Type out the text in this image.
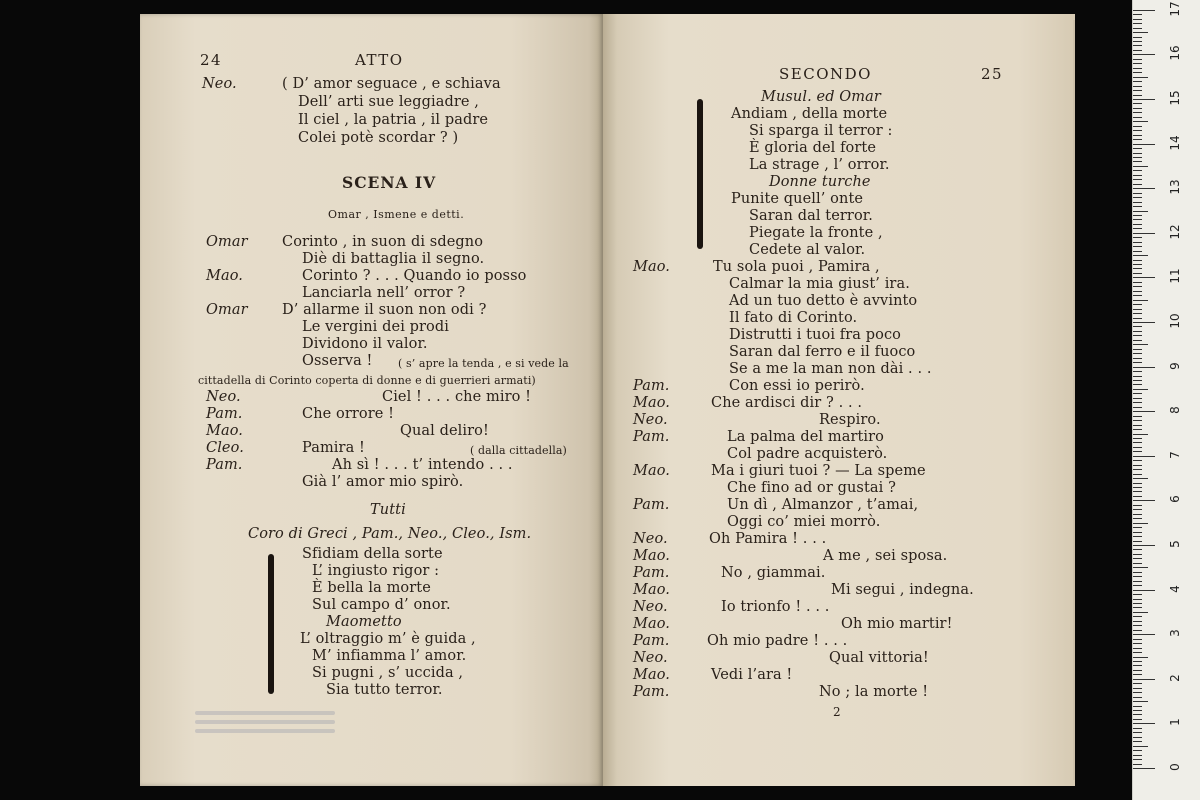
24	ATTO
Neo.	( D’ amor seguace , e schiava
Dell’ arti sue leggiadre ,
Il ciel , la patria , il padre
Colei potè scordar ? )
SCENA IV
Omar , Ismene e detti.
Omar Corinto , in suon di sdegno
Diè di battaglia il segno.
Mao.	Corinto ? . . . Quando io posso
Lanciarla nell’ orror ?
Omar D’ allarme il suon non odi ?
Le vergini dei prodi
Dividono il valor.
Osserva ! ( s’ apre la tenda , e si vede la
cittadella di Corinto coperta di donne e di guerrieri armati)
Neo.	Ciel ! . . . che miro !
Pam.	Che orrore !
Mao.	Qual deliro!
Cleo.	Pamira !	( dalla cittadella)
Pam.	Ah sì ! . . . t’ intendo . . .
Già l’ amor mio spirò.
Tutti
Coro di Greci , Pam., Neo., Cleo., Ism.
Sfidiam della sorte
L’ ingiusto rigor :
È bella la morte
Sul campo d’ onor.
Maometto
L’ oltraggio m’ è guida ,
M’ infiamma l’ amor.
Si pugni , s’ uccida ,
Sia tutto terror.
SECONDO	25
Musul. ed Omar
Andiam , della morte
Si sparga il terror :
È gloria del forte
La strage , l’ orror.
Donne turche
Punite quell’ onte
Saran dal terror.
Piegate la fronte ,
Cedete al valor.
Mao.	Tu sola puoi , Pamira ,
Calmar la mia giust’ ira.
Ad un tuo detto è avvinto
Il fato di Corinto.
Distrutti i tuoi fra poco
Saran dal ferro e il fuoco
Se a me la man non dài . . .
Pam.	Con essi io perirò.
Mao.	Che ardisci dir ? . . .
Neo.	Respiro.
Pam.	La palma del martiro
Col padre acquisterò.
Mao.	Ma i giuri tuoi ? — La speme
Che fino ad or gustai ?
Pam.	Un dì , Almanzor , t’amai,
Oggi co’ miei morrò.
Neo.	Oh Pamira ! . . .
Mao.	A me , sei sposa.
Pam.	No , giammai.
Mao.	Mi segui , indegna.
Neo.	Io trionfo ! . . .
Mao.	Oh mio martir!
Pam.	Oh mio padre ! . . .
Neo.	Qual vittoria!
Mao.	Vedi l’ara !
Pam.	No ; la morte !
2
0
1
2
3
4
5
6
7
8
9
10
11
12
13
14
15
16
17
